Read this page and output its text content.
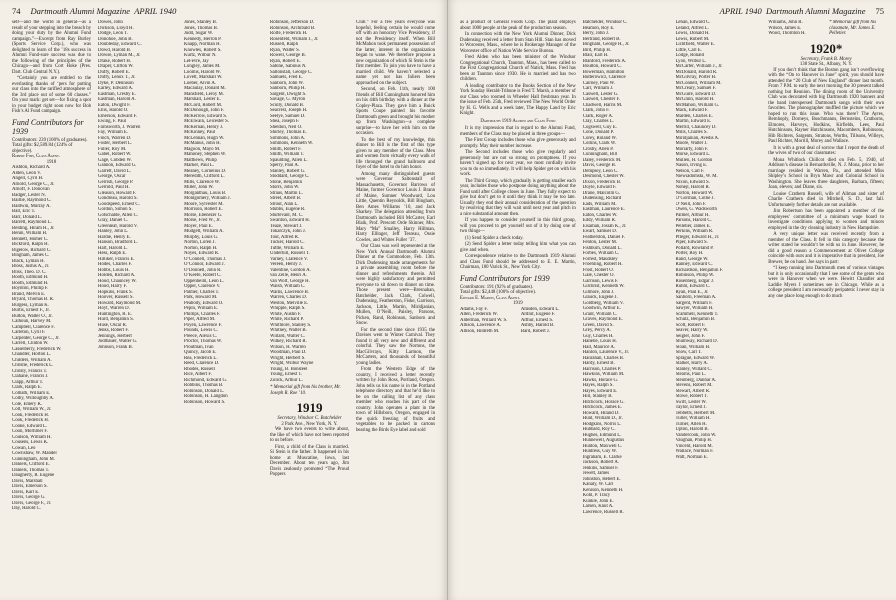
74 Dartmouth Alumni Magazine APRIL 1940

self—and the world in general—as a result of your stepping into the breach by doing your duty by the Alumni Fund campaign.”—Excerpt from Ray Burley (Sports Service Corp.), who was delighted to learn of the ’18s success in Alumni Fund-sure success was due to the following of the principles of the Chicago—and from Cort Hoke (Pres. Dart. Club Central N.Y.).

“Certainly you are entitled to the everlasting thanks of ‘pers for putting our class into the rarified atmosphere of the 3rd place out of some 60 classes.” On your mark: get set—for fixing a spot in your budget right soon now for Bob Fish’s Al Fund campaign.

Fund Contributors for 1939
Contributors: 239 (100% of graduates).
Total gifts: $2,589.84 (124% of objective).
Robert Fish, Class Agent.
1918
Aishton, Richard A.
Alden, Leon V.
Angell, Cyril H.
Arnold, George C., Jr.
Arnoff, F. Donovan
Badger, Lester N.
Baillie, Raymond C.
Baldwin, Murray A.
Ball, Eric T.
Barr, Donald L.
Barrett, Raymond L.
Belding, Hiram H., Jr.
Benin, William H.
Bennett, Homer C.
Bickford, Ralph H.
Bigelow, Richard C.
Bingham, James C.
Black, Lyman H.
Bloss, Justus A., Jr.
Bliss, Theo. D. C.
Booth, Edmund H.
Booth, Edmund H.
Boynton, Phillip F.
Brand, Melvin E.
Bryant, Thomas B. R.
Burgess, Lyman K.
Burtis, Ernest F., Jr.
Button, Walter O., Jr.
Calhoun, Harvey M.
Campbell, Clarence F.
Carleton, Cyril F.
Carpenter, George C., Jr.
Carrell, Clinton W.
Casselberry, Frederick W.
Chandler, Horton L.
Childers, William A.
Christie, Frederick L.
Christy, Francis T.
Clahane, Francis J.
Clapp, Arthur T.
Clark, Ralph E.
Colbath, William E.
Colby, Willoughby A.
Cole, Emery K.
Colt, William W., Jr.
Cook, Frederick H.
Cook, Frederick H.
Cooke, Edward L.
Coon, Mortimer F.
Coulson, William H.
Cousens, Lewis K.
Cowan, Leo
Cowlishaw, W. Mandel
Cunningham, John M.
Daniels, Clifford E.
Daniels, Thomas T.
Daugherty, R. Eugene
Davis, Marshall
Davis, Emerson S.
Davis, Karl E.
Davis, George G.
Davis, George F., Jr.
Day, Harold C.
Dowes, John
Dickson, Lloyd H.
Dodge, Leon T.
Donohoe, John B.
Doubleday, Edward C.
Dowd, Harold B.
Dowse, Lyman M., Jr.
Drake, Robert H.
Draper, Clifton W.
Duffy, Robert E.
Duffy, Lenox T., Jr.
Dyke, P. Dennison
Earley, Edward A.
Eastman, Cresby E.
Eastman, Harold A.
Eaton, Dwight F.
Ellis, Harold O.
Emerson, Edward F.
Ewing, F. Paul
Farnsworth, J. Warren
Fay, William E.
Finch, Warren D.
Foster, Herbert L.
Fuller, Roy M.
Gabel, Robert W.
Gage, Cobden W.
Gannon, Edward G.
Garrett, David L.
George, Oscar
Gerrish, George P.
Gerrold, Paul H.
Gleason, Howard F.
Gondreau, Harold S.
Goodspeed, Ernest C.
Gordon, Simon S.
Gotschalde, Allen C.
Gray, Daniel C.
Greenleaf, Harold V.
Hanley, John L.
Hardie, Henry E.
Hanson, Bradford L.
Hart, Harold L.
Hess, Ralph E.
Hilliker, Francis E.
Hodes, Charles F.
Hobbs, Louis H.
Holden, Richard A.
Hood, Chauncey W.
Hood, Harry F.
Hopkins, Frank S.
Hoover, Russell S.
Howard, Raymond M.
Hoyt, Warren D.
Huntington, R. E.
Hurd, Benjamin S.
Huse, Oscar R.
Jenks, Robert F.
Jennings, Herbert
Jodlbauer, Walter G.
Johnson, Frank B.
Jones, Stanley B.
Jones, Thomas B.
Judd, Sugar W.
Kennedy, Herron P.
Knapp, Norman H.
Knowles, Robert S.
Kurtz, Wilbur N.
LeFevre, Jay
Longley, James M.
Loomis, Harold W.
Lovett, Marshall W.
Loeber, Alvin A.
Macaulay, Donald M.
Mansfield, Leroy M.
Marshall, Lester E.
McCord, Robert M.
McDonough, John F.
McKerrow, Edward S.
McElwain, Leicester S.
McKernan, Henry J.
McKinney, Paul
McLennan, Hugh W.
McManus, John H.
Magoon, Mayo M.
Mahoney, Stephen W.
Matthews, Philip
Marker, Paul L.
Meaney, Cornelius D.
Meredith, Clifford L.
Mills, Clarence W.
Miller, John W.
Morganthau, Louis B.
Montgomery, William J.
Moore, Sylvester M.
Morrison, Robert E.
Morse, Ebenezer G.
Morse, Fred W., Jr.
Moyer, Paul E.
Mudgett, William A.
Murphy, Louis G.
Norton, Loren J.
Norton, Ralph H.
Noyes, Edward R.
O’Connell, Thomas J.
O’Connor, Edward J.
O’Donnell, John R.
O’Keefe, Robert C.
Oppenheim, Leon L.
Opper, Clarence V.
Palmer, Charles T.
Park, Howard M.
Peabody, Edward O.
Pepin, William E.
Phillips, Charles F.
Piper, Alfred M.
Poyen, Lawrence F.
Pounds, Lewis C.
Preece, Alexis C.
Proctor, Thomas W.
Proutman, Ivan
Quincy, Jacob E.
Rea, Frederick L.
Reed, Clarence D.
Rhodes, Russell
Rice, Albert F.
Richmond, Edward G.
Robbins, Thomas B.
Robinson, Donald L.
Robinson, H. Langdon
Robinson, Howard S.
Robinson, Jefferson D.
Robinson, Archibald B.
Rolfe, Frederick H.
Rosenfeld, William J., Jr.
Russell, Ralph
Ryan, Walter S.
Rowell, George B.
Ryan, Robert E.
Sabine, Sabinus N.
Saltonstall, George C.
Samuels, Fred E.
Sanborn, John W.
Sanborn, Philip H.
Sargent, Dwight S.
Savage, G. Myron
Scully, Donald B.
Seacrest, Joseph H.
Seelye, Samuel D.
Shea, Joseph F.
Sheldon, Neil O.
Shirley, Thomas E.
Simmons, John A.
Simmons, Kenneth W.
Smith, Robert F.
Smith, William T.
Spaulding, Allen L.
Sperry, Paul A.
Stanley, Robert G.
Stoddard, George C.
Stone, Benjamin
Storrs, John W.
Straus, Martin L.
Street, Albert B.
Strout, Alan L.
Stubbs, Eugene R.
Sturtevant, M. C.
Swanton, Edward H.
Teaze, Stewart J.
Tokarczyk, John J.
Tout, Alfred R.
Tucker, Harold C.
Tuttle, William E.
Underhill, Russell T.
Varney, Clarence V.
Vereen, Henry J.
Valentine, Gordon A.
van Zelle, Henri A.
van Wolf, George H.
Walsh, William C.
Wallis, Lawrence B.
Warren, Charles D.
Weston, Melville E.
Whipple, Ralph S.
White, Austin F.
White, Richard P.
Whitmore, Stanley S.
Whitney, Walter B.
Willard, Walter C.
Wilkey, Richard R.
Wilson, H. Warren
Woodman, Paul D.
Wright, Herbert S.
Wright, Wilbur Wayne
Young, B. Bonsteel
Young, Ernest T.
Zolick, Arthur L.
* Memorial gift from his brother, Mr. Joseph R. Roe ’10.
1919
Secretary, Windsor C. Batchelder
2 Park Ave., New York, N. Y.

We have two events to write about, the like of which have not been reported to us before.

First, a child of the Class is married. Si Stein is the father. It happened in his home at Muscatine, Iowa, last December. About ten years ago, Jim Davis zealously promoted “The Proud Poppers

Club.” For a few years everyone was hopeful, feeling certain he would come off with an honorary Vice Presidency, if not the Presidency itself. When Bill McMahon took permanent possession of the latter, interest in the organization began to wane. We therefore propose a new organization of which Si Stein is the first member. To join you have to have a married child. We haven’t selected a name yet nor has Inliers been approached on the subject.

Second, on Feb. 11th, nearly 100 friends of Bill Cunningham honored him on his 44th birthday with a dinner at the Copley-Plaza. They gave him a Buick Sports Coupe painted his favorite Dartmouth green and brought his mother up from Washington—a complete surprise—to have her with him on the occasion.

To the best of my knowledge, this dinner to Bill is the first of this type given to any member of the Class. Men and women from virtually every walk of life thronged the grand ballroom and foyer of the hotel to do him honor.

Among many distinguished guests were Governor Saltonstall of Massachusetts, Governor Barrows of Maine, former Governor Louis J. Brann of Maine, Sumner Woodward, Lou Little, Quentin Reynolds, Bill Bingham, Ben Ames Williams ’10, and Jack Sharkey. The delegation attending from Dartmouth included Bill McCarter, Earl Blaik, Prof. Prescott Orde Skinner, Mrs. Mary “Ma” Smalley, Harry Hillman, Harry Ellinger, Jeff Tesreau, Ossie Cowles, and Whites Fuller ’37.

Our Class was well represented at the New York Annual Dartmouth Alumni Dinner at the Commodore, Feb. 13th. Dick Dudensing made arrangements for a private assembling room before the dinner and refreshments therein. All were highly satisfactory and permitted everyone to sit down to dinner on time. Those present were—Bresnahan, Batchelder, Jack Clark, Colwell, Dudensing, Featherston, Fiske, Garrison, Jackson, Little, Martin, Miridjanian, Mullen, O’Neill, Paisley, Parsons, Picken, Rand, Robinson, Sanborn and Snow.

For the second time since 1935 the Davises went to Winter Carnival. They found it all very new and different and colorful. They saw the Nortons, the MacGilvrays, Kitty Larmon, the McCarters, and thousands of beautiful young ladies.

From the Western Edge of the country, I received a letter recently written by John Ross, Portland, Oregon. John tells us his name is in the Portland telephone directory and that he’d like to be on the calling list of any class member who reaches his part of the country. John operates a plant in the town of Hillsboro, Oregon, engaged in the quick freezing of fruits and vegetables to be packed in cartons bearing the Birds Eye label and sold

APRIL 1940 Dartmouth Alumni Magazine 75

as a product of General Foods Corp. The plant employs about 1000 people at the peak of the production season.

In connection with the New York Alumni Dinner, Dick Dudensing received a letter from Stan Hill. Stan has moved to Worcester, Mass., where he is Brokerage Manager of the Worcester office of Nation Wide Service Bureau.

Fred Alden who has been minister of the Windsor Congregational Church, Taunton, Mass., has been called to the First Congregational Church of Natick, Mass. Fred has been at Taunton since 1930. He is married and has two children.

A leading contributor to the Books Section of the New York Sunday Herald-Tribune is Fred T. Marsh, a member of our Class who roomed in Wheeler Hall freshman year. In the issue of Feb. 25th, Fred reviewed The New World Order by H. G. Wells and a week later, The Happy Land by Eric Knight.

Dartmouth 1919 Alumni and Class Fund

It is my impression that in regard to the Alumni Fund, members of the Class may be placed in three groups—

The First Group includes those who give generously and promptly. May their number increase.

The Second includes those who give regularly and generously but are not so strong on promptness. If you haven’t signed up for next year, we most cordially invite you to do so immediately. It will help Spider get on with his work.

The Third Group, which gradually is getting smaller each year, includes those who postpone doing anything about the Fund until after College closes in June. They fully expect to give but don’t get to it until they think it may be too late. Usually they end their annual consideration of the question by resolving that they will wait until next year and pitch in a nice substantial amount then.

If you happen to consider yourself in this third group, will you proceed to get yourself out of it by doing one of two things—

(1) Send Spider a check today.

(2) Send Spider a letter today telling him what you can give and when.

Correspondence relative to the Dartmouth 1919 Alumni and Class Fund should be addressed to E. E. Martin, Chairman, 180 Varick St., New York City.

Fund Contributors for 1939
Contributors: 191 (92% of graduates).
Total gifts: $2,448 (100% of objective).
Edward E. Martin, Class Agent.
1919
Adams, Fay F.
Allen, Frederick W.
Alderman, Willard W. S.
Allison, Lawrence A.
Allison, Hildreth M.
Amsden, Edward L.
Ardluf, Eugene F.
Arthur, Ernest S.
Ashby, Harold B.
Bard, Robert J.
Batchelder, Windsor C.
Beamon, Roy E.
Berry, John J.
Bertrand, Robert B.
Bingham, George H., Jr.
Bird, Philip H.
Blair, Earl H.
Blanford, Frederick A.
Boulton, Howard C.
Bowerman, Hamilton
Butterowicz, Clarence
Cairney, Paul W.
Carr, William J.
Caswell, Lester G.
Caswell, Chester F.
Chadwell, Harris M.
Clark, John F.
Clark, Roger A.
Clay, Charles L.
Cogswell, Guy E.
Cone, Donald P.
Corey, Roland W.
Collins, Clark W.
Crosby, Allen P.
Cunningham, Bill
Daley, Frederick M.
Davis, George B.
Dempsey, Leon C.
Desmond, Chester W.
Dixon, Frederick B.
Doyle, Edward F.
Drane, Malcolm G.
Dudensing, Richard
Eads, William M.
Eastman, Laurence E.
Eaton, Charles W.
Eddy, William R.
Eisaman, Josiah K., Jr.
Ewart, Samuel D.
Featherston, Daniel F.
Fenton, Lester M.
Fishburn, Donald L.
Forbes, William C.
Forrest, Maudsley
Froehling, Robert H.
Frost, Robert O.
Gale, Chester O.
Garrison, Lewis F.
Gilchrist, Kenneth W.
Gilmore, John J.
Glauck, Eugene J.
Goldberg, William V.
Goodwin, Arthur E.
Grant, William C.
Graves, Raymond E.
Green, David S.
Grey, Percy A.
Guy, Charles H.
Hanelle, Louis H.
Hall, Maurice A.
Hanlon, Laurence V., Jr.
Hanrahan, Charles B.
Hardy, Ernest B.
Harrison, Charles P.
Hawkins, William M.
Hawks, Horace G.
Hayes, Ralph S.
Hayes, Edward E.
Hill, Stanley B.
Hitchcock, Horace G.
Hitchcock, James E.
Howard, Hiland D.
Hunt, William D., Jr.
Hodgkins, Norris L.
Hubbard, Roy C.
Hughes, Edmund L.
Hunnewell, Augustus
Hunton, Maxwell C.
Huntress, Guy W.
Ingraham, E. Clarke
Jackson, Robert A.
Jenkins, Samuel F.
Jewett, James
Johnston, Hebert E.
Kanaly, W. Carl
Kenison, Kenneth H.
Kohl, P. Tracy
Kunkle, John E.
Larsen, Knut A.
Lawrence, Russell R.
Lehan, Edward C.
Leland, Alfred L.
Lewis, Donald H.
Lewis, Robert M.
Lichtfield, Walter E.
Little, Carl E.
Lodge, Ronald
Lyon, Wilbur L.
McCarter, William J., Jr.
McDonald, Harold R.
McGilvray, Porter H.
McConnell, William M.
McCreary, Samuel F.
McGuire, Edward D.
McGlinn, Harold H.
McMahon, William G.
Mack, Edward F.
Marden, Charles E.
Martin, Edward E.
Merrill, Chauncey D.
Mills, Charles S.
Miridjanian, Avedis A.
Moore, Walter J.
Moriarty, John F.
Morse, Edward L.
Mullen, H. Gordon
Nason, Irving E.
Nelson, Carl F.
Niewiadomski, W. M.
Nixon, Edward S.
Nohejl, Harold R.
Norton, Howard W.
O’Gorman, Collie J.
O’Neill, John F.
Owen, G. Wadsworth
Palmer, Arthur H.
Parsons, Harold C.
Pelletier, James E.
Perkins, William R.
Pfleger, Edward H., Jr.
Piper, Edward S.
Pollard, Rowland P.
Porter, Roy H.
Rand, George W.
Ranney, Edward C.
Richardson, Benjamin F.
Robinson, Philip W.
Rosenberg, Edgar J.
Ruhm, Edward C.
Ryan, Paul E., Jr.
Sanborn, Freeman A.
Sargent, William F.
Sawyer, William H.
Scammell, Kenneth T.
Schulz, Benjamin B.
Scott, Robert F.
Seaver, Harry W.
Seigler, John F.
Shumway, Richard D.
Sloan, William H.
Snow, Carl T.
Sprague, Edward W.
Stalker, Harry A.
Stanley, Willard C.
Stearns, Paul L.
Steinberg, Dunbar A.
Stevens, Robert M.
Stewart, Albert R.
Stowe, Robert T.
Swift, Lester W.
Taylor, Ernest J.
Tebbetts, Herbert M.
Tuller, William H.
Turner, Allen H.
Upton, Harold B.
Vandercook, John W.
Vaughan, Philip H.
Vincent, Harold M.
Wallace, Norman F.
Watt, Norman E.
Williams, John R.
Wilson, James E.
Wood, Thornton H.
* Memorial gift from his classmate, Mr. James E. Pelletier.
1920*
Secretary, Frank B. Morey
138 State St., Albany, N. Y.

If you don’t think that the Boston gang isn’t overflowing with the “On to Hanover in June” spirit, you should have attended the “20 Club of New England” dinner last month. From 7 P.M. to early the next morning the 30 present talked nothing but Reunion. The dining room of the University Club was decorated with big Dartmouth 1920 banners and the band interspersed Dartmouth songs with their own favorites. The phonographer muffled the picture which we hoped to run this issue. Who was there? The Ayres, Bernhoply, Dorneys, Buschmanns, Bernsteins, Crathorns, Elmores, Harveys, Hodkins, Kirfields, Lees, Paul Hutchinsons, Rayner Hutchinsons, Macombers, Robinsons, Hib Richters, Sargents, Stratons, Worths, Tillsons, Willeys, Paul Richter, Morrill, Morey and Wallace.

It is with a great deal of sorrow that I report the death of the wives of two of our classmates:

Mona Whitlock Chillcot died on Feb. 5, 1940, of Addison’s disease in Bernardsville, N. J. Mona, prior to her marriage resided in Warren, Pa., and attended Miss Shipley’s School in Bryn Mawr and Colonial School in Washington. She leaves three daughters, Barbara, fifteen; Joan, eleven; and Diane, six.

Louise Crathern Russell, wife of Allman and sister of Charlie Crathern died in Mitchell, S. D., last fall. Unfortunately further details are not available.

Jim Robertson has been appointed a member of the employees’ committee of a minimum wage board to investigate conditions applying to women and minors employed in the dry cleaning industry in New Hampshire.

A very unique letter was received recently from a member of the Class. It fell in this category because the writer stated he wouldn’t be with us in June. However, he did a good reason a Commencement at Olivet College coincide with ours and it is imperative that in president, Joe Brewer, be on hand. Joe says in part:

“I keep running into Dartmouth men of various vintages but it is only occasionally that I see some of the gents who were in Hanover when we were. Hewitt Chandler and Laddie Myers I sometimes see in Chicago. While as a college president I am necessarily peripatetic I never stay in any one place long enough to do much
